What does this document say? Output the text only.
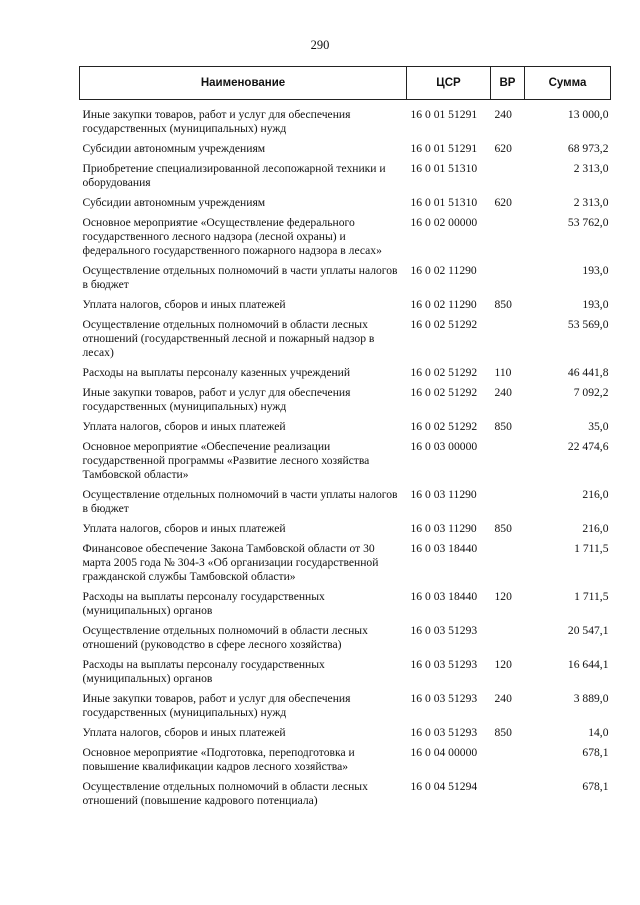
290
Наименование	ЦСР	ВР	Сумма
Иные закупки товаров, работ и услуг для обеспечения государственных (муниципальных) нужд	16 0 01 51291	240	13 000,0
Субсидии автономным учреждениям	16 0 01 51291	620	68 973,2
Приобретение специализированной лесопожарной техники и оборудования	16 0 01 51310		2 313,0
Субсидии автономным учреждениям	16 0 01 51310	620	2 313,0
Основное мероприятие «Осуществление федерального государственного лесного надзора (лесной охраны) и федерального государственного пожарного надзора в лесах»	16 0 02 00000		53 762,0
Осуществление отдельных полномочий в части уплаты налогов в бюджет	16 0 02 11290		193,0
Уплата налогов, сборов и иных платежей	16 0 02 11290	850	193,0
Осуществление отдельных полномочий в области лесных отношений (государственный лесной и пожарный надзор в лесах)	16 0 02 51292		53 569,0
Расходы на выплаты персоналу казенных учреждений	16 0 02 51292	110	46 441,8
Иные закупки товаров, работ и услуг для обеспечения государственных (муниципальных) нужд	16 0 02 51292	240	7 092,2
Уплата налогов, сборов и иных платежей	16 0 02 51292	850	35,0
Основное мероприятие «Обеспечение реализации государственной программы «Развитие лесного хозяйства Тамбовской области»	16 0 03 00000		22 474,6
Осуществление отдельных полномочий в части уплаты налогов в бюджет	16 0 03 11290		216,0
Уплата налогов, сборов и иных платежей	16 0 03 11290	850	216,0
Финансовое обеспечение Закона Тамбовской области от 30 марта 2005 года № 304-З «Об организации государственной гражданской службы Тамбовской области»	16 0 03 18440		1 711,5
Расходы на выплаты персоналу государственных (муниципальных) органов	16 0 03 18440	120	1 711,5
Осуществление отдельных полномочий в области лесных отношений (руководство в сфере лесного хозяйства)	16 0 03 51293		20 547,1
Расходы на выплаты персоналу государственных (муниципальных) органов	16 0 03 51293	120	16 644,1
Иные закупки товаров, работ и услуг для обеспечения государственных (муниципальных) нужд	16 0 03 51293	240	3 889,0
Уплата налогов, сборов и иных платежей	16 0 03 51293	850	14,0
Основное мероприятие «Подготовка, переподготовка и повышение квалификации кадров лесного хозяйства»	16 0 04 00000		678,1
Осуществление отдельных полномочий в области лесных отношений (повышение кадрового потенциала)	16 0 04 51294		678,1
